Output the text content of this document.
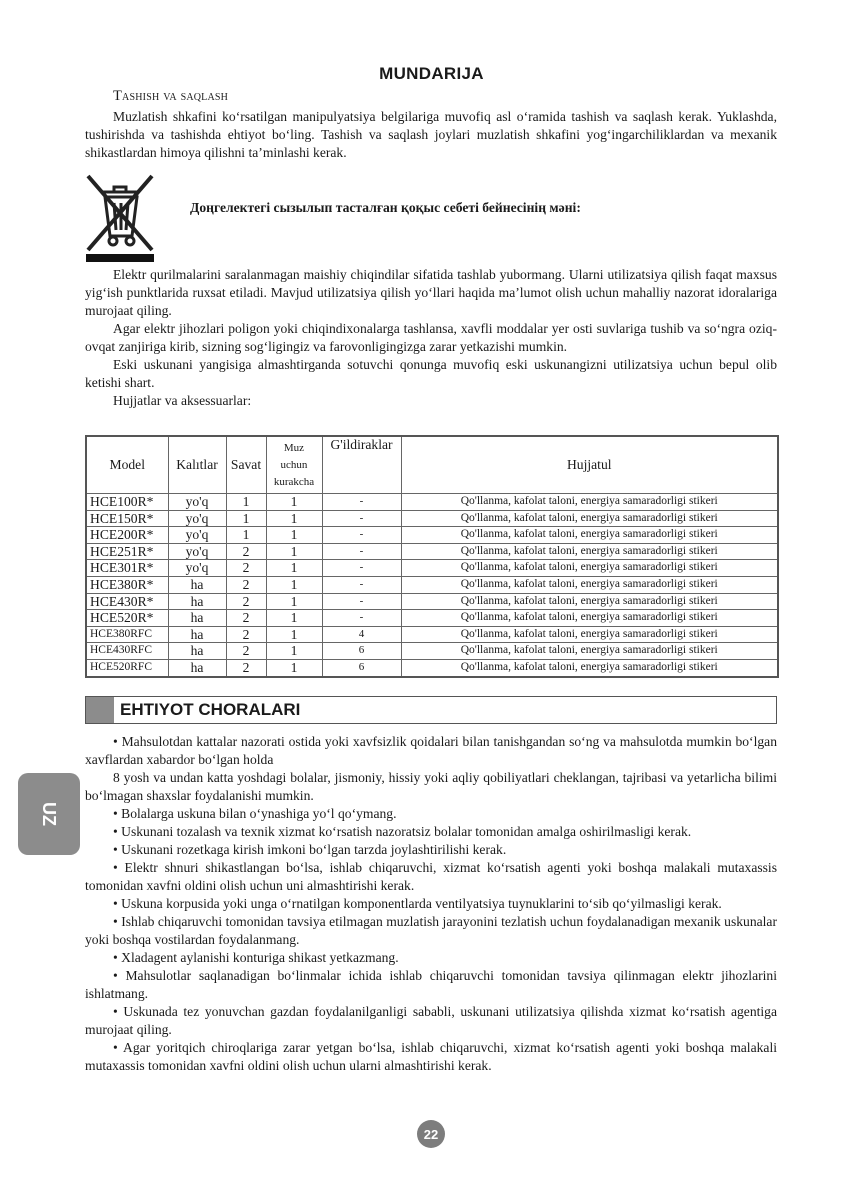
MUNDARIJA
Tashish va saqlash

Muzlatish shkafini ko‘rsatilgan manipulyatsiya belgilariga muvofiq asl o‘ramida tashish va saqlash kerak. Yuklashda, tushirishda va tashishda ehtiyot bo‘ling. Tashish va saqlash joylari muzlatish shkafini yog‘ingarchiliklardan va mexanik shikastlardan himoya qilishni ta’minlashi kerak.

Доңгелектегі сызылып тасталған қоқыс себеті бейнесінің мәні:

Elektr qurilmalarini saralanmagan maishiy chiqindilar sifatida tashlab yubormang. Ularni utilizatsiya qilish faqat maxsus yig‘ish punktlarida ruxsat etiladi. Mavjud utilizatsiya qilish yo‘llari haqida ma’lumot olish uchun mahalliy nazorat idoralariga murojaat qiling.

Agar elektr jihozlari poligon yoki chiqindixonalarga tashlansa, xavfli moddalar yer osti suvlariga tushib va so‘ngra oziq-ovqat zanjiriga kirib, sizning sog‘ligingiz va farovonligingizga zarar yetkazishi mumkin.

Eski uskunani yangisiga almashtirganda sotuvchi qonunga muvofiq eski uskunangizni utilizatsiya uchun bepul olib ketishi shart.

Hujjatlar va aksessuarlar:

Model	Kalıtlar	Savat	Muz
uchun
kurakcha	G'ildiraklar	Hujjatul
HCE100R*	yo'q	1	1	-	Qo'llanma, kafolat taloni, energiya samaradorligi stikeri
HCE150R*	yo'q	1	1	-	Qo'llanma, kafolat taloni, energiya samaradorligi stikeri
HCE200R*	yo'q	1	1	-	Qo'llanma, kafolat taloni, energiya samaradorligi stikeri
HCE251R*	yo'q	2	1	-	Qo'llanma, kafolat taloni, energiya samaradorligi stikeri
HCE301R*	yo'q	2	1	-	Qo'llanma, kafolat taloni, energiya samaradorligi stikeri
HCE380R*	ha	2	1	-	Qo'llanma, kafolat taloni, energiya samaradorligi stikeri
HCE430R*	ha	2	1	-	Qo'llanma, kafolat taloni, energiya samaradorligi stikeri
HCE520R*	ha	2	1	-	Qo'llanma, kafolat taloni, energiya samaradorligi stikeri
HCE380RFC	ha	2	1	4	Qo'llanma, kafolat taloni, energiya samaradorligi stikeri
HCE430RFC	ha	2	1	6	Qo'llanma, kafolat taloni, energiya samaradorligi stikeri
HCE520RFC	ha	2	1	6	Qo'llanma, kafolat taloni, energiya samaradorligi stikeri
EHTIYOT CHORALARI

• Mahsulotdan kattalar nazorati ostida yoki xavfsizlik qoidalari bilan tanishgandan so‘ng va mahsulotda mumkin bo‘lgan xavflardan xabardor bo‘lgan holda

8 yosh va undan katta yoshdagi bolalar, jismoniy, hissiy yoki aqliy qobiliyatlari cheklangan, tajribasi va yetarlicha bilimi bo‘lmagan shaxslar foydalanishi mumkin.

• Bolalarga uskuna bilan o‘ynashiga yo‘l qo‘ymang.

• Uskunani tozalash va texnik xizmat ko‘rsatish nazoratsiz bolalar tomonidan amalga oshirilmasligi kerak.

• Uskunani rozetkaga kirish imkoni bo‘lgan tarzda joylashtirilishi kerak.

• Elektr shnuri shikastlangan bo‘lsa, ishlab chiqaruvchi, xizmat ko‘rsatish agenti yoki boshqa malakali mutaxassis tomonidan xavfni oldini olish uchun uni almashtirishi kerak.

• Uskuna korpusida yoki unga o‘rnatilgan komponentlarda ventilyatsiya tuynuklarini to‘sib qo‘yilmasligi kerak.

• Ishlab chiqaruvchi tomonidan tavsiya etilmagan muzlatish jarayonini tezlatish uchun foydalanadigan mexanik uskunalar yoki boshqa vostilardan foydalanmang.

• Xladagent aylanishi konturiga shikast yetkazmang.

• Mahsulotlar saqlanadigan bo‘linmalar ichida ishlab chiqaruvchi tomonidan tavsiya qilinmagan elektr jihozlarini ishlatmang.

• Uskunada tez yonuvchan gazdan foydalanilganligi sababli, uskunani utilizatsiya qilishda xizmat ko‘rsatish agentiga murojaat qiling.

• Agar yoritqich chiroqlariga zarar yetgan bo‘lsa, ishlab chiqaruvchi, xizmat ko‘rsatish agenti yoki boshqa malakali mutaxassis tomonidan xavfni oldini olish uchun ularni almashtirishi kerak.

UZ
22
